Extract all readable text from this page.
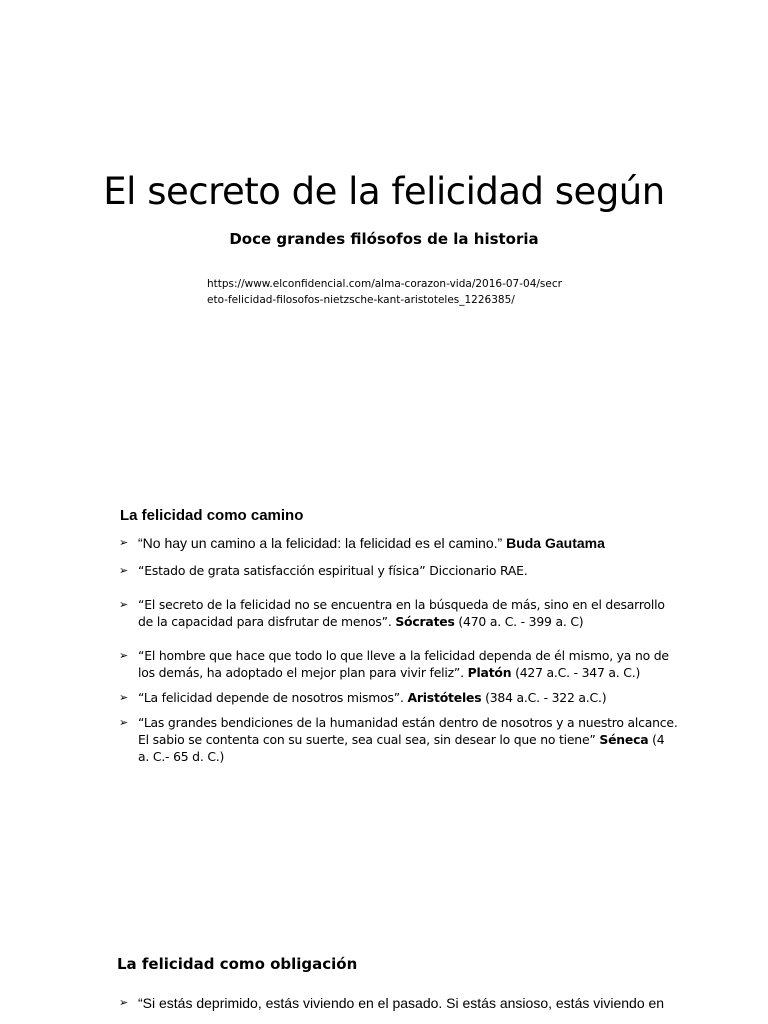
El secreto de la felicidad según
Doce grandes filósofos de la historia

https://www.elconfidencial.com/alma-corazon-vida/2016-07-04/secreto-felicidad-filosofos-nietzsche-kant-aristoteles_1226385/

La felicidad como camino
➢ “No hay un camino a la felicidad: la felicidad es el camino.” Buda Gautama
➢ “Estado de grata satisfacción espiritual y física” Diccionario RAE.
➢ “El secreto de la felicidad no se encuentra en la búsqueda de más, sino en el desarrollo de la capacidad para disfrutar de menos”. Sócrates (470 a. C. - 399 a. C)
➢ “El hombre que hace que todo lo que lleve a la felicidad dependa de él mismo, ya no de los demás, ha adoptado el mejor plan para vivir feliz”. Platón (427 a.C. - 347 a. C.)
➢ “La felicidad depende de nosotros mismos”. Aristóteles (384 a.C. - 322 a.C.)
➢ “Las grandes bendiciones de la humanidad están dentro de nosotros y a nuestro alcance. El sabio se contenta con su suerte, sea cual sea, sin desear lo que no tiene” Séneca (4 a. C.- 65 d. C.)
La felicidad como obligación
➢ “Si estás deprimido, estás viviendo en el pasado. Si estás ansioso, estás viviendo en
